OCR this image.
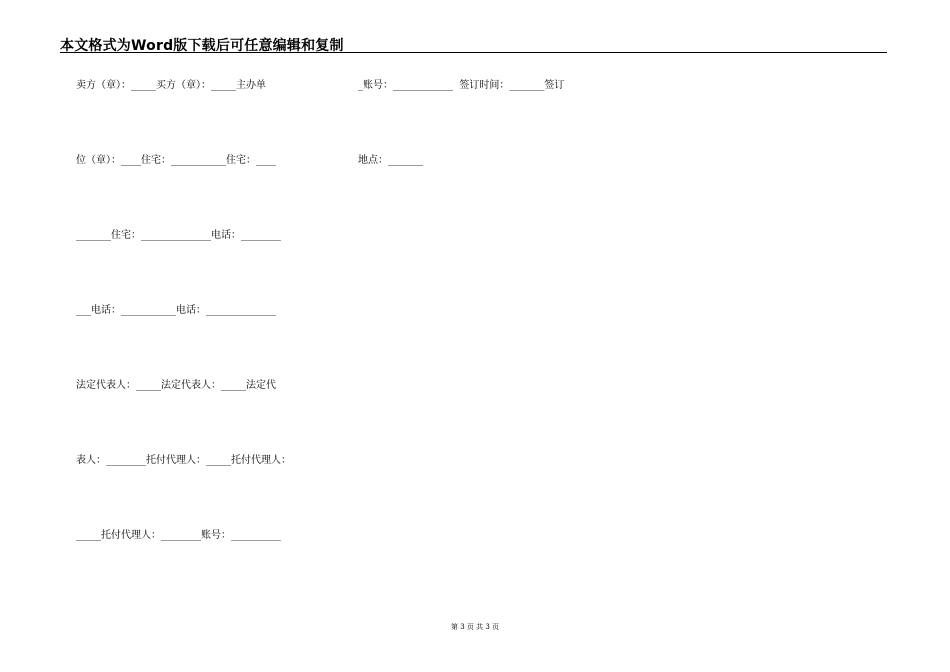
本文格式为Word版下载后可任意编辑和复制
卖方（章）：_____买方（章）：_____主办单	_账号：____________  签订时间：_______签订
位（章）：____住宅：___________住宅：____	地点：_______
_______住宅：______________电话：________
___电话：___________电话：______________
法定代表人：_____法定代表人：_____法定代
表人：________托付代理人：_____托付代理人：
_____托付代理人：________账号：__________
第 3 页 共 3 页
